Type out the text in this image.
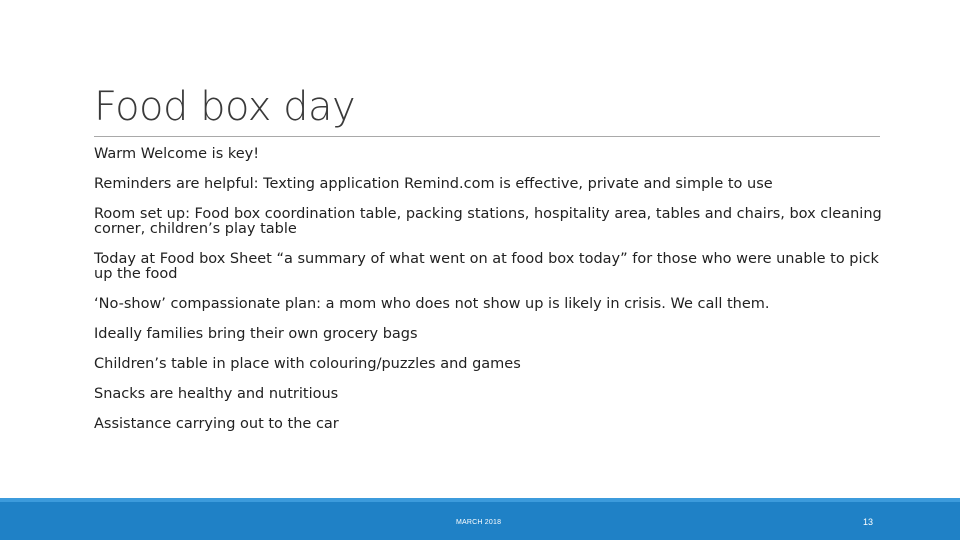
Food box day
Warm Welcome is key!
Reminders are helpful: Texting application Remind.com is effective, private and simple to use
Room set up: Food box coordination table, packing stations, hospitality area, tables and chairs, box cleaning corner, children’s play table
Today at Food box Sheet “a summary of what went on at food box today” for those who were unable to pick up the food
‘No-show’ compassionate plan: a mom who does not show up is likely in crisis. We call them.
Ideally families bring their own grocery bags
Children’s table in place with colouring/puzzles and games
Snacks are healthy and nutritious
Assistance carrying out to the car
MARCH 2018	13
